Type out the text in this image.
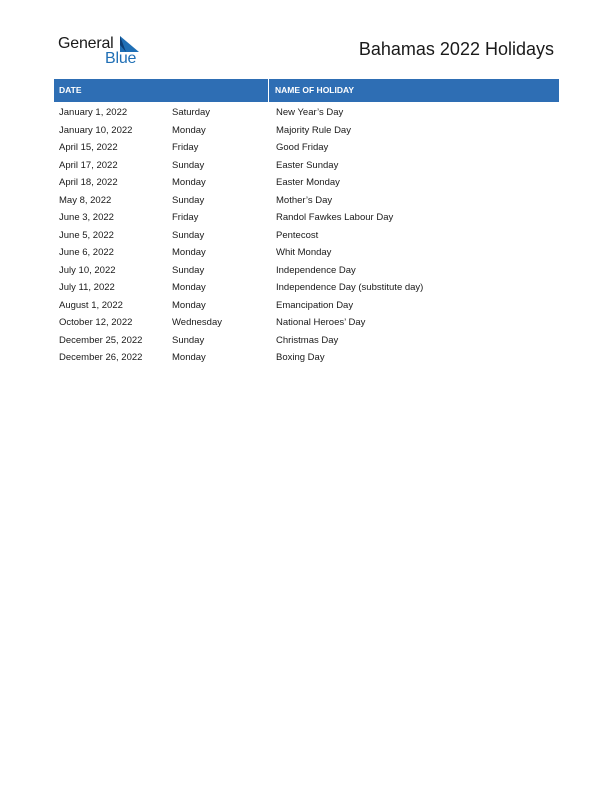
General
Blue	Bahamas 2022 Holidays
DATE	NAME OF HOLIDAY
January 1, 2022	Saturday	New Year’s Day
January 10, 2022	Monday	Majority Rule Day
April 15, 2022	Friday	Good Friday
April 17, 2022	Sunday	Easter Sunday
April 18, 2022	Monday	Easter Monday
May 8, 2022	Sunday	Mother’s Day
June 3, 2022	Friday	Randol Fawkes Labour Day
June 5, 2022	Sunday	Pentecost
June 6, 2022	Monday	Whit Monday
July 10, 2022	Sunday	Independence Day
July 11, 2022	Monday	Independence Day (substitute day)
August 1, 2022	Monday	Emancipation Day
October 12, 2022	Wednesday	National Heroes’ Day
December 25, 2022	Sunday	Christmas Day
December 26, 2022	Monday	Boxing Day
